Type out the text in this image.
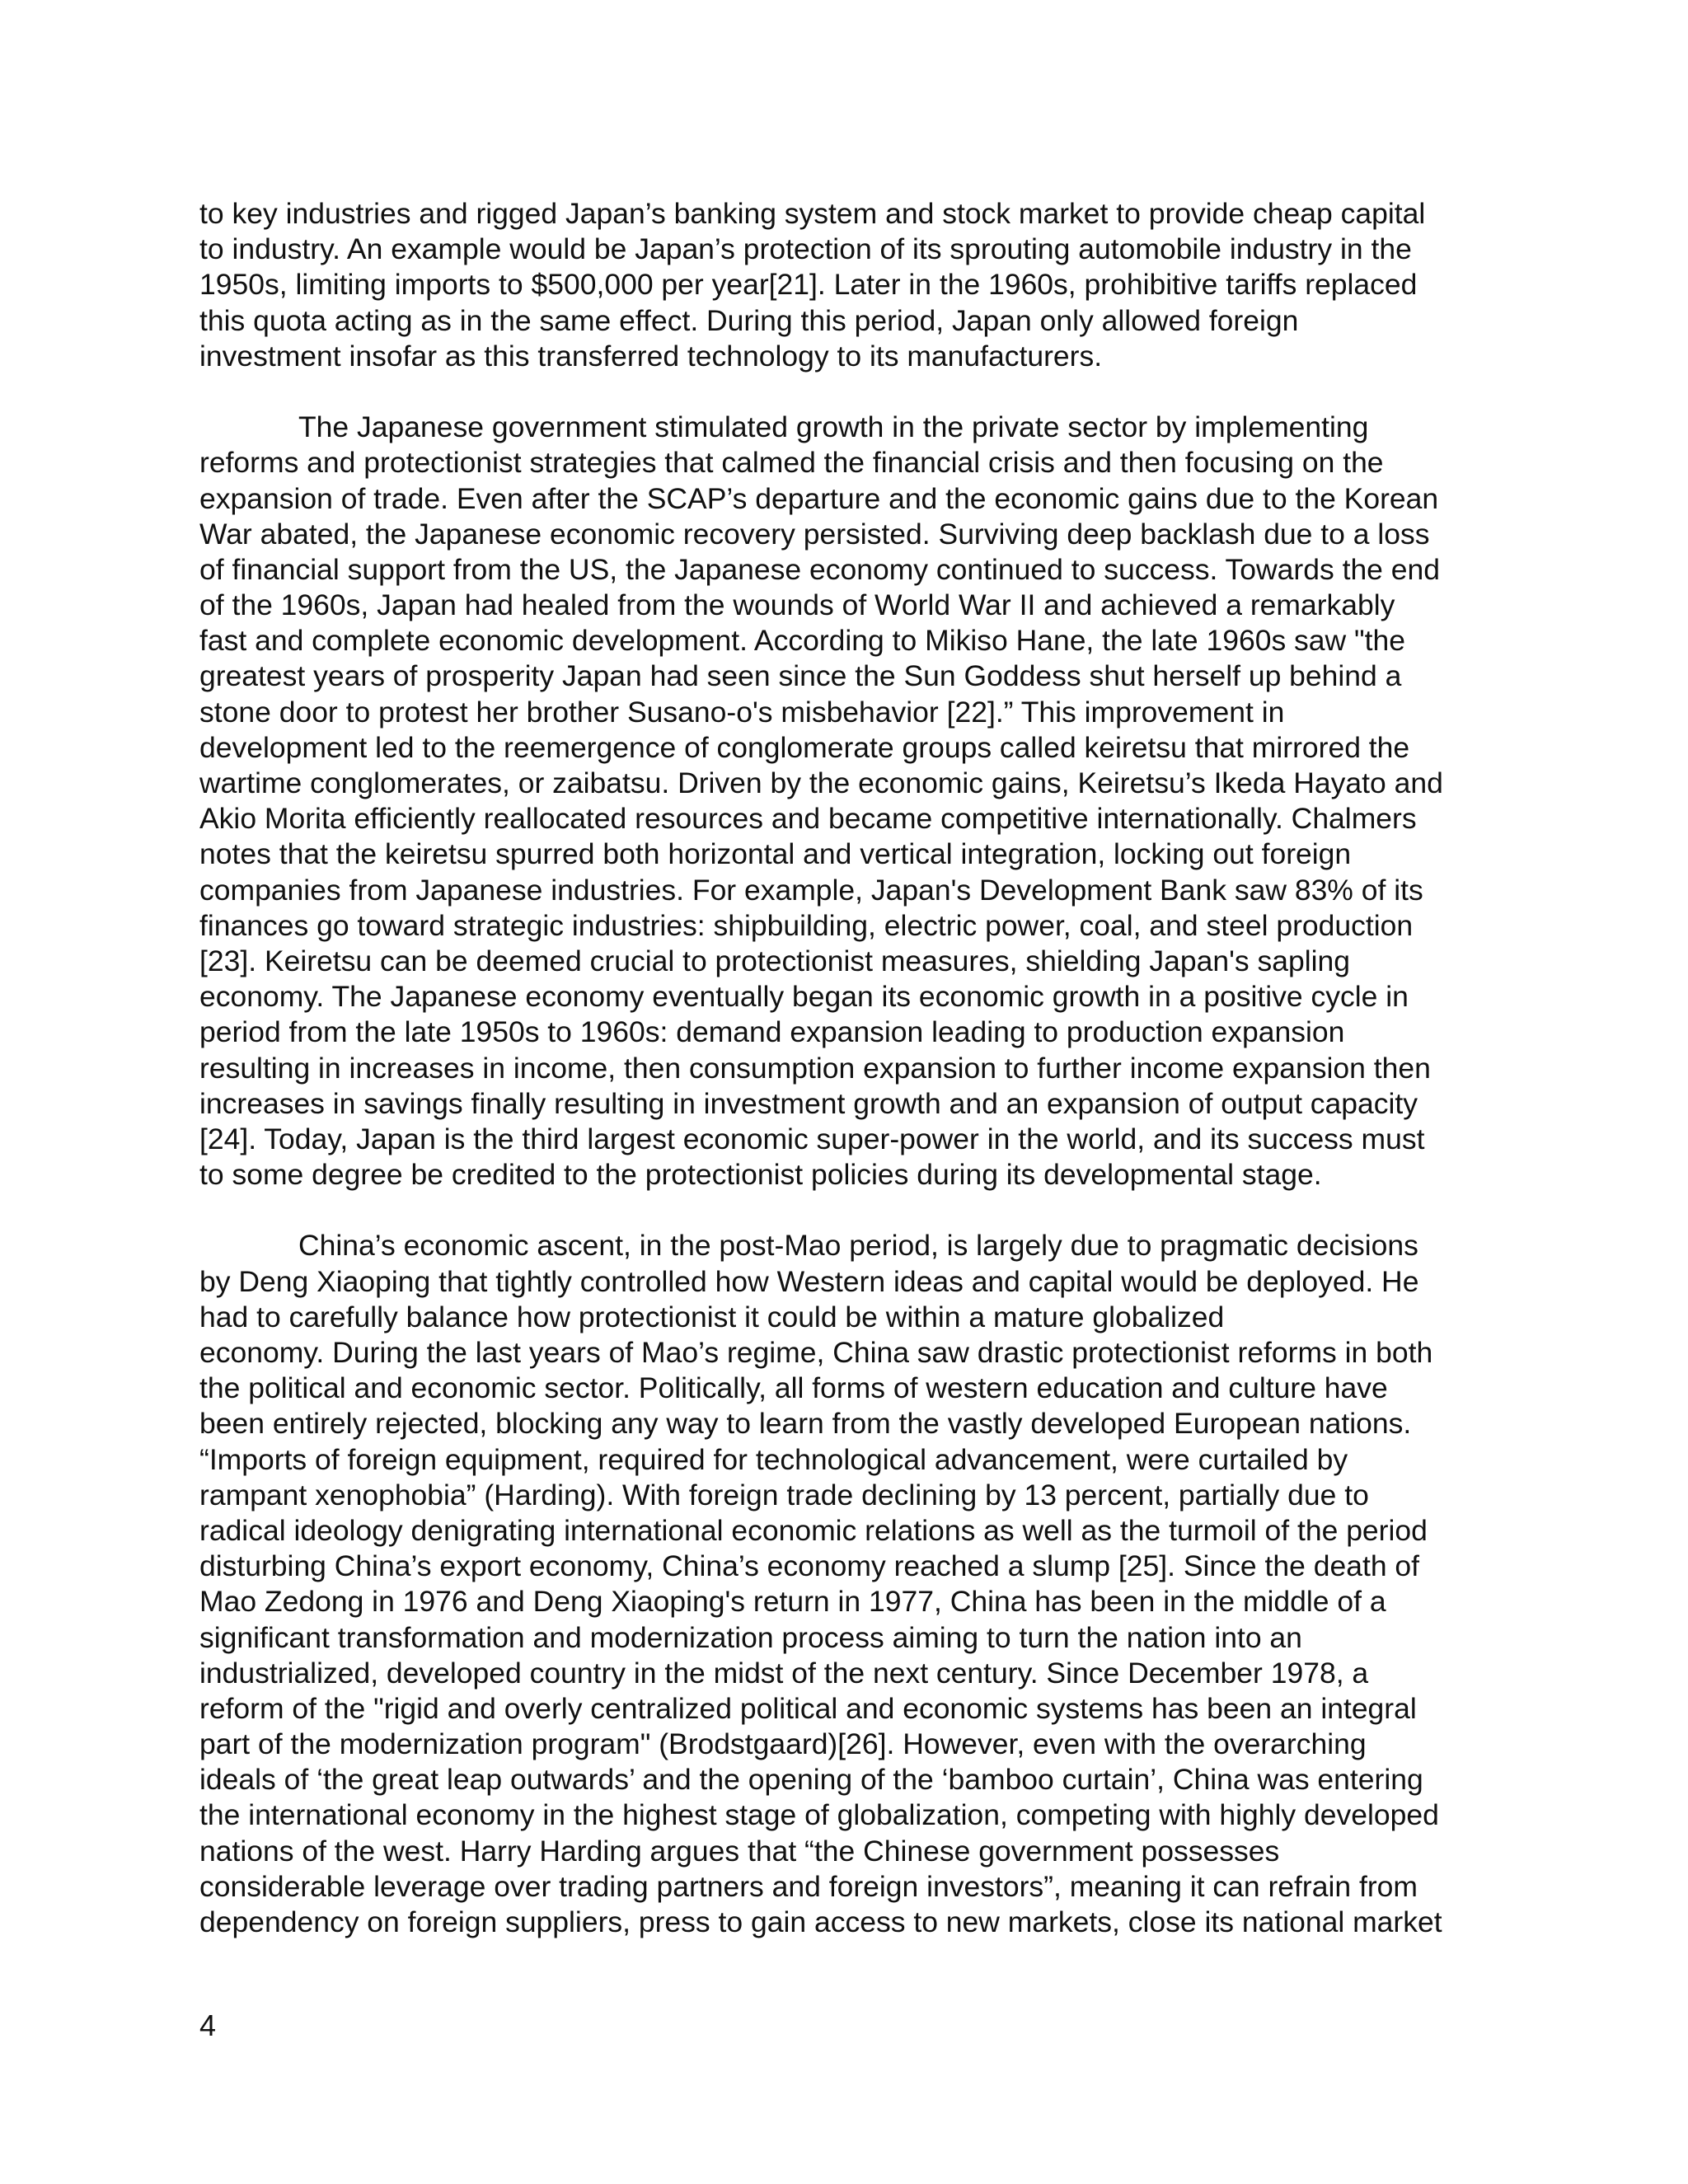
to key industries and rigged Japan’s banking system and stock market to provide cheap capital
to industry. An example would be Japan’s protection of its sprouting automobile industry in the
1950s, limiting imports to $500,000 per year[21]. Later in the 1960s, prohibitive tariffs replaced
this quota acting as in the same effect. During this period, Japan only allowed foreign
investment insofar as this transferred technology to its manufacturers.

The Japanese government stimulated growth in the private sector by implementing
reforms and protectionist strategies that calmed the financial crisis and then focusing on the
expansion of trade. Even after the SCAP’s departure and the economic gains due to the Korean
War abated, the Japanese economic recovery persisted. Surviving deep backlash due to a loss
of financial support from the US, the Japanese economy continued to success. Towards the end
of the 1960s, Japan had healed from the wounds of World War II and achieved a remarkably
fast and complete economic development. According to Mikiso Hane, the late 1960s saw "the
greatest years of prosperity Japan had seen since the Sun Goddess shut herself up behind a
stone door to protest her brother Susano-o's misbehavior [22].” This improvement in
development led to the reemergence of conglomerate groups called keiretsu that mirrored the
wartime conglomerates, or zaibatsu. Driven by the economic gains, Keiretsu’s Ikeda Hayato and
Akio Morita efficiently reallocated resources and became competitive internationally. Chalmers
notes that the keiretsu spurred both horizontal and vertical integration, locking out foreign
companies from Japanese industries. For example, Japan's Development Bank saw 83% of its
finances go toward strategic industries: shipbuilding, electric power, coal, and steel production
[23]. Keiretsu can be deemed crucial to protectionist measures, shielding Japan's sapling
economy. The Japanese economy eventually began its economic growth in a positive cycle in
period from the late 1950s to 1960s: demand expansion leading to production expansion
resulting in increases in income, then consumption expansion to further income expansion then
increases in savings finally resulting in investment growth and an expansion of output capacity
[24]. Today, Japan is the third largest economic super-power in the world, and its success must
to some degree be credited to the protectionist policies during its developmental stage.

China’s economic ascent, in the post-Mao period, is largely due to pragmatic decisions
by Deng Xiaoping that tightly controlled how Western ideas and capital would be deployed. He
had to carefully balance how protectionist it could be within a mature globalized
economy. During the last years of Mao’s regime, China saw drastic protectionist reforms in both
the political and economic sector. Politically, all forms of western education and culture have
been entirely rejected, blocking any way to learn from the vastly developed European nations.
“Imports of foreign equipment, required for technological advancement, were curtailed by
rampant xenophobia” (Harding). With foreign trade declining by 13 percent, partially due to
radical ideology denigrating international economic relations as well as the turmoil of the period
disturbing China’s export economy, China’s economy reached a slump [25]. Since the death of
Mao Zedong in 1976 and Deng Xiaoping's return in 1977, China has been in the middle of a
significant transformation and modernization process aiming to turn the nation into an
industrialized, developed country in the midst of the next century. Since December 1978, a
reform of the "rigid and overly centralized political and economic systems has been an integral
part of the modernization program" (Brodstgaard)[26]. However, even with the overarching
ideals of ‘the great leap outwards’ and the opening of the ‘bamboo curtain’, China was entering
the international economy in the highest stage of globalization, competing with highly developed
nations of the west. Harry Harding argues that “the Chinese government possesses
considerable leverage over trading partners and foreign investors”, meaning it can refrain from
dependency on foreign suppliers, press to gain access to new markets, close its national market

4
